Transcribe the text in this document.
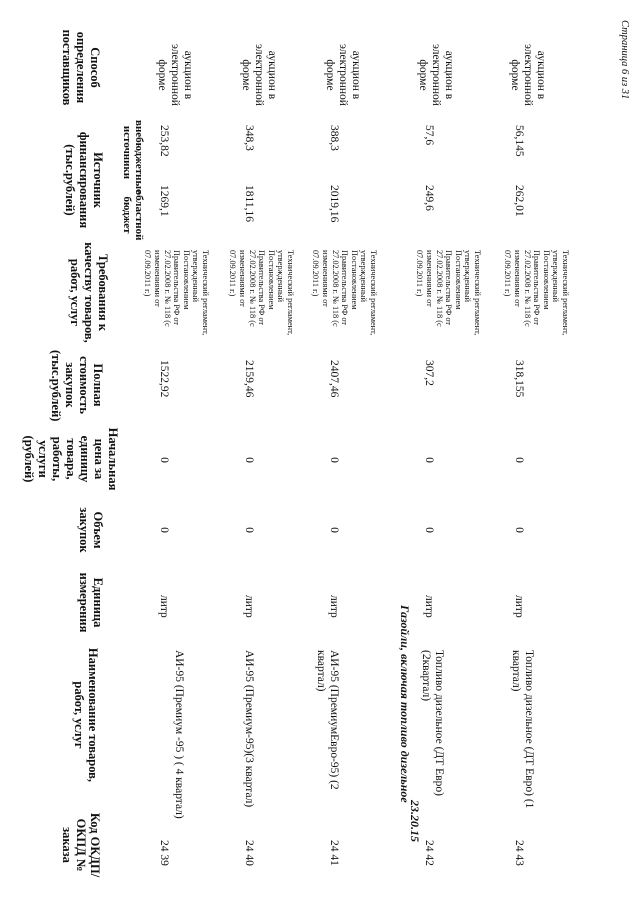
Код ОКДП/ ОКПД № заказа
Наименование товаров, работ, услуг
Единица измерения
Объем закупок
Начальная цена за единицу товара, работы, услуги (рублей)
Полная стоимость закупок (тыс.рублей)
Требования к качеству товаров, работ, услуг
Источник финансирования (тыс.рублей)	областной бюджет
внебюджетные источники
Способ определения поставщиков
24 39
АИ-95 (Премиум -95 ) ( 4 квартал)
литр
0
0
1522,92
Технический регламент, утвержденный Постановлением Правительства РФ от 27.02.2008 г. № 118 (с изменениями от 07.09.2011 г.)
1269,1
253,82
аукцион в электронной форме
24 40
АИ-95 (Премиум-95)(3 квартал)
литр
0
0
2159,46
Технический регламент, утвержденный Постановлением Правительства РФ от 27.02.2008 г. № 118 (с изменениями от 07.09.2011 г.)
1811,16
348,3
аукцион в электронной форме
24 41
АИ-95 (ПремиумЕвро-95) (2 квартал)
литр
0
0
2407,46
Технический регламент, утвержденный Постановлением Правительства РФ от 27.02.2008 г. № 118 (с изменениями от 07.09.2011 г.)
2019,16
388,3
аукцион в электронной форме
23.20.15
Газойли, включая топливо дизельное
24 42
Топливо дизельное (ДТ Евро) (2квартал)
литр
0
0
307,2
Технический регламент, утвержденный Постановлением Правительства РФ от 27.02.2008 г. № 118 (с изменениями от 07.09.2011 г.)
249,6
57,6
аукцион в электронной форме
24 43
Топливо дизельное (ДТ Евро) (1 квартал)
литр
0
0
318,155
Технический регламент, утвержденный Постановлением Правительства РФ от 27.02.2008 г. № 118 (с изменениями от 07.09.2011 г.)
262,01
56,145
аукцион в электронной форме	Страница 6 из 31
